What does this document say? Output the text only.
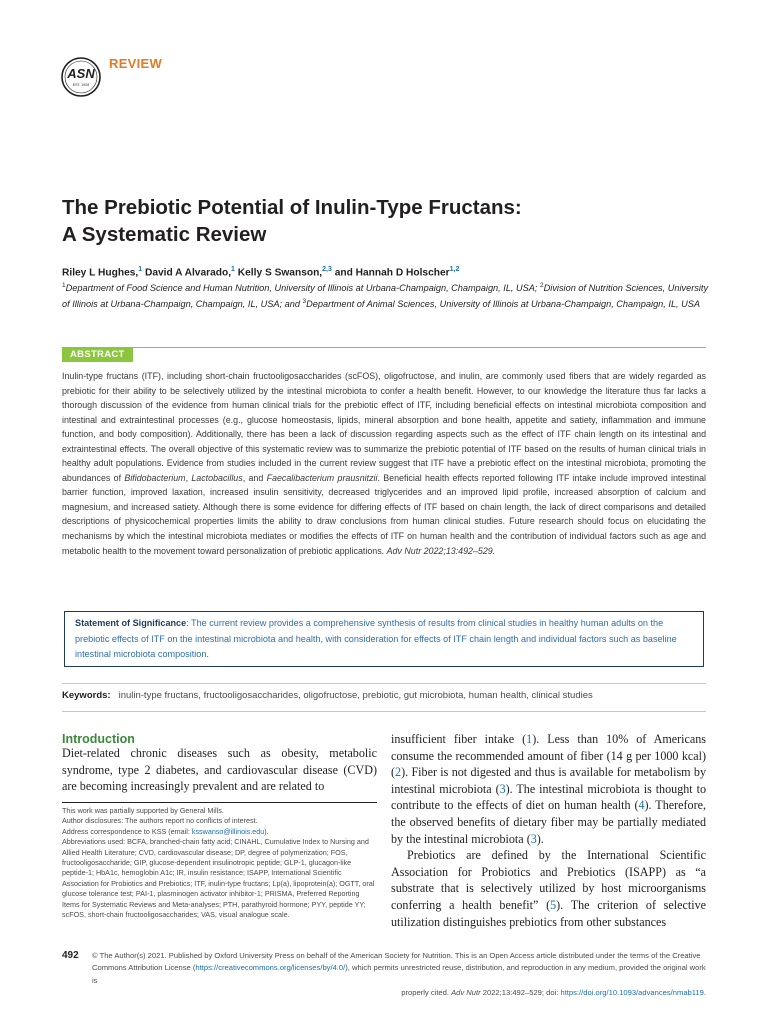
ASN
EST. 1928
REVIEW
The Prebiotic Potential of Inulin-Type Fructans:
A Systematic Review
Riley L Hughes,$^1$ David A Alvarado,$^1$ Kelly S Swanson,$^{2,3}$ and Hannah D Holscher$^{1,2}$
$^1$Department of Food Science and Human Nutrition, University of Illinois at Urbana-Champaign, Champaign, IL, USA; $^2$Division of Nutrition Sciences, University of Illinois at Urbana-Champaign, Champaign, IL, USA; and $^3$Department of Animal Sciences, University of Illinois at Urbana-Champaign, Champaign, IL, USA
ABSTRACT

Inulin-type fructans (ITF), including short-chain fructooligosaccharides (scFOS), oligofructose, and inulin, are commonly used fibers that are widely regarded as prebiotic for their ability to be selectively utilized by the intestinal microbiota to confer a health benefit. However, to our knowledge the literature thus far lacks a thorough discussion of the evidence from human clinical trials for the prebiotic effect of ITF, including beneficial effects on intestinal microbiota composition and intestinal and extraintestinal processes (e.g., glucose homeostasis, lipids, mineral absorption and bone health, appetite and satiety, inflammation and immune function, and body composition). Additionally, there has been a lack of discussion regarding aspects such as the effect of ITF chain length on its intestinal and extraintestinal effects. The overall objective of this systematic review was to summarize the prebiotic potential of ITF based on the results of human clinical trials in healthy adult populations. Evidence from studies included in the current review suggest that ITF have a prebiotic effect on the intestinal microbiota, promoting the abundances of Bifidobacterium, Lactobacillus, and Faecalibacterium prausnitzii. Beneficial health effects reported following ITF intake include improved intestinal barrier function, improved laxation, increased insulin sensitivity, decreased triglycerides and an improved lipid profile, increased absorption of calcium and magnesium, and increased satiety. Although there is some evidence for differing effects of ITF based on chain length, the lack of direct comparisons and detailed descriptions of physicochemical properties limits the ability to draw conclusions from human clinical studies. Future research should focus on elucidating the mechanisms by which the intestinal microbiota mediates or modifies the effects of ITF on human health and the contribution of individual factors such as age and metabolic health to the movement toward personalization of prebiotic applications. Adv Nutr 2022;13:492–529.

Statement of Significance: The current review provides a comprehensive synthesis of results from clinical studies in healthy human adults on the prebiotic effects of ITF on the intestinal microbiota and health, with consideration for effects of ITF chain length and individual factors such as baseline intestinal microbiota composition.

Keywords: inulin-type fructans, fructooligosaccharides, oligofructose, prebiotic, gut microbiota, human health, clinical studies
Introduction

Diet-related chronic diseases such as obesity, metabolic syndrome, type 2 diabetes, and cardiovascular disease (CVD) are becoming increasingly prevalent and are related to

insufficient fiber intake (1). Less than 10% of Americans consume the recommended amount of fiber (14 g per 1000 kcal) (2). Fiber is not digested and thus is available for metabolism by intestinal microbiota (3). The intestinal microbiota is thought to contribute to the effects of diet on human health (4). Therefore, the observed benefits of dietary fiber may be partially mediated by the intestinal microbiota (3).

Prebiotics are defined by the International Scientific Association for Probiotics and Prebiotics (ISAPP) as “a substrate that is selectively utilized by host microorganisms conferring a health benefit” (5). The criterion of selective utilization distinguishes prebiotics from other substances

This work was partially supported by General Mills.

Author disclosures: The authors report no conflicts of interest.

Address correspondence to KSS (email: ksswanso@illinois.edu).

Abbreviations used: BCFA, branched-chain fatty acid; CINAHL, Cumulative Index to Nursing and Allied Health Literature; CVD, cardiovascular disease; DP, degree of polymerization; FOS, fructooligosaccharide; GIP, glucose-dependent insulinotropic peptide; GLP-1, glucagon-like peptide-1; HbA1c, hemoglobin A1c; IR, insulin resistance; ISAPP, International Scientific Association for Probiotics and Prebiotics; ITF, inulin-type fructans; Lp(a), lipoprotein(a); OGTT, oral glucose tolerance test; PAI-1, plasminogen activator inhibitor-1; PRISMA, Preferred Reporting Items for Systematic Reviews and Meta-analyses; PTH, parathyroid hormone; PYY, peptide YY; scFOS, short-chain fructooligosaccharides; VAS, visual analogue scale.

492 © The Author(s) 2021. Published by Oxford University Press on behalf of the American Society for Nutrition. This is an Open Access article distributed under the terms of the Creative

Commons Attribution License (https://creativecommons.org/licenses/by/4.0/), which permits unrestricted reuse, distribution, and reproduction in any medium, provided the original work is

properly cited. Adv Nutr 2022;13:492–529; doi: https://doi.org/10.1093/advances/nmab119.
